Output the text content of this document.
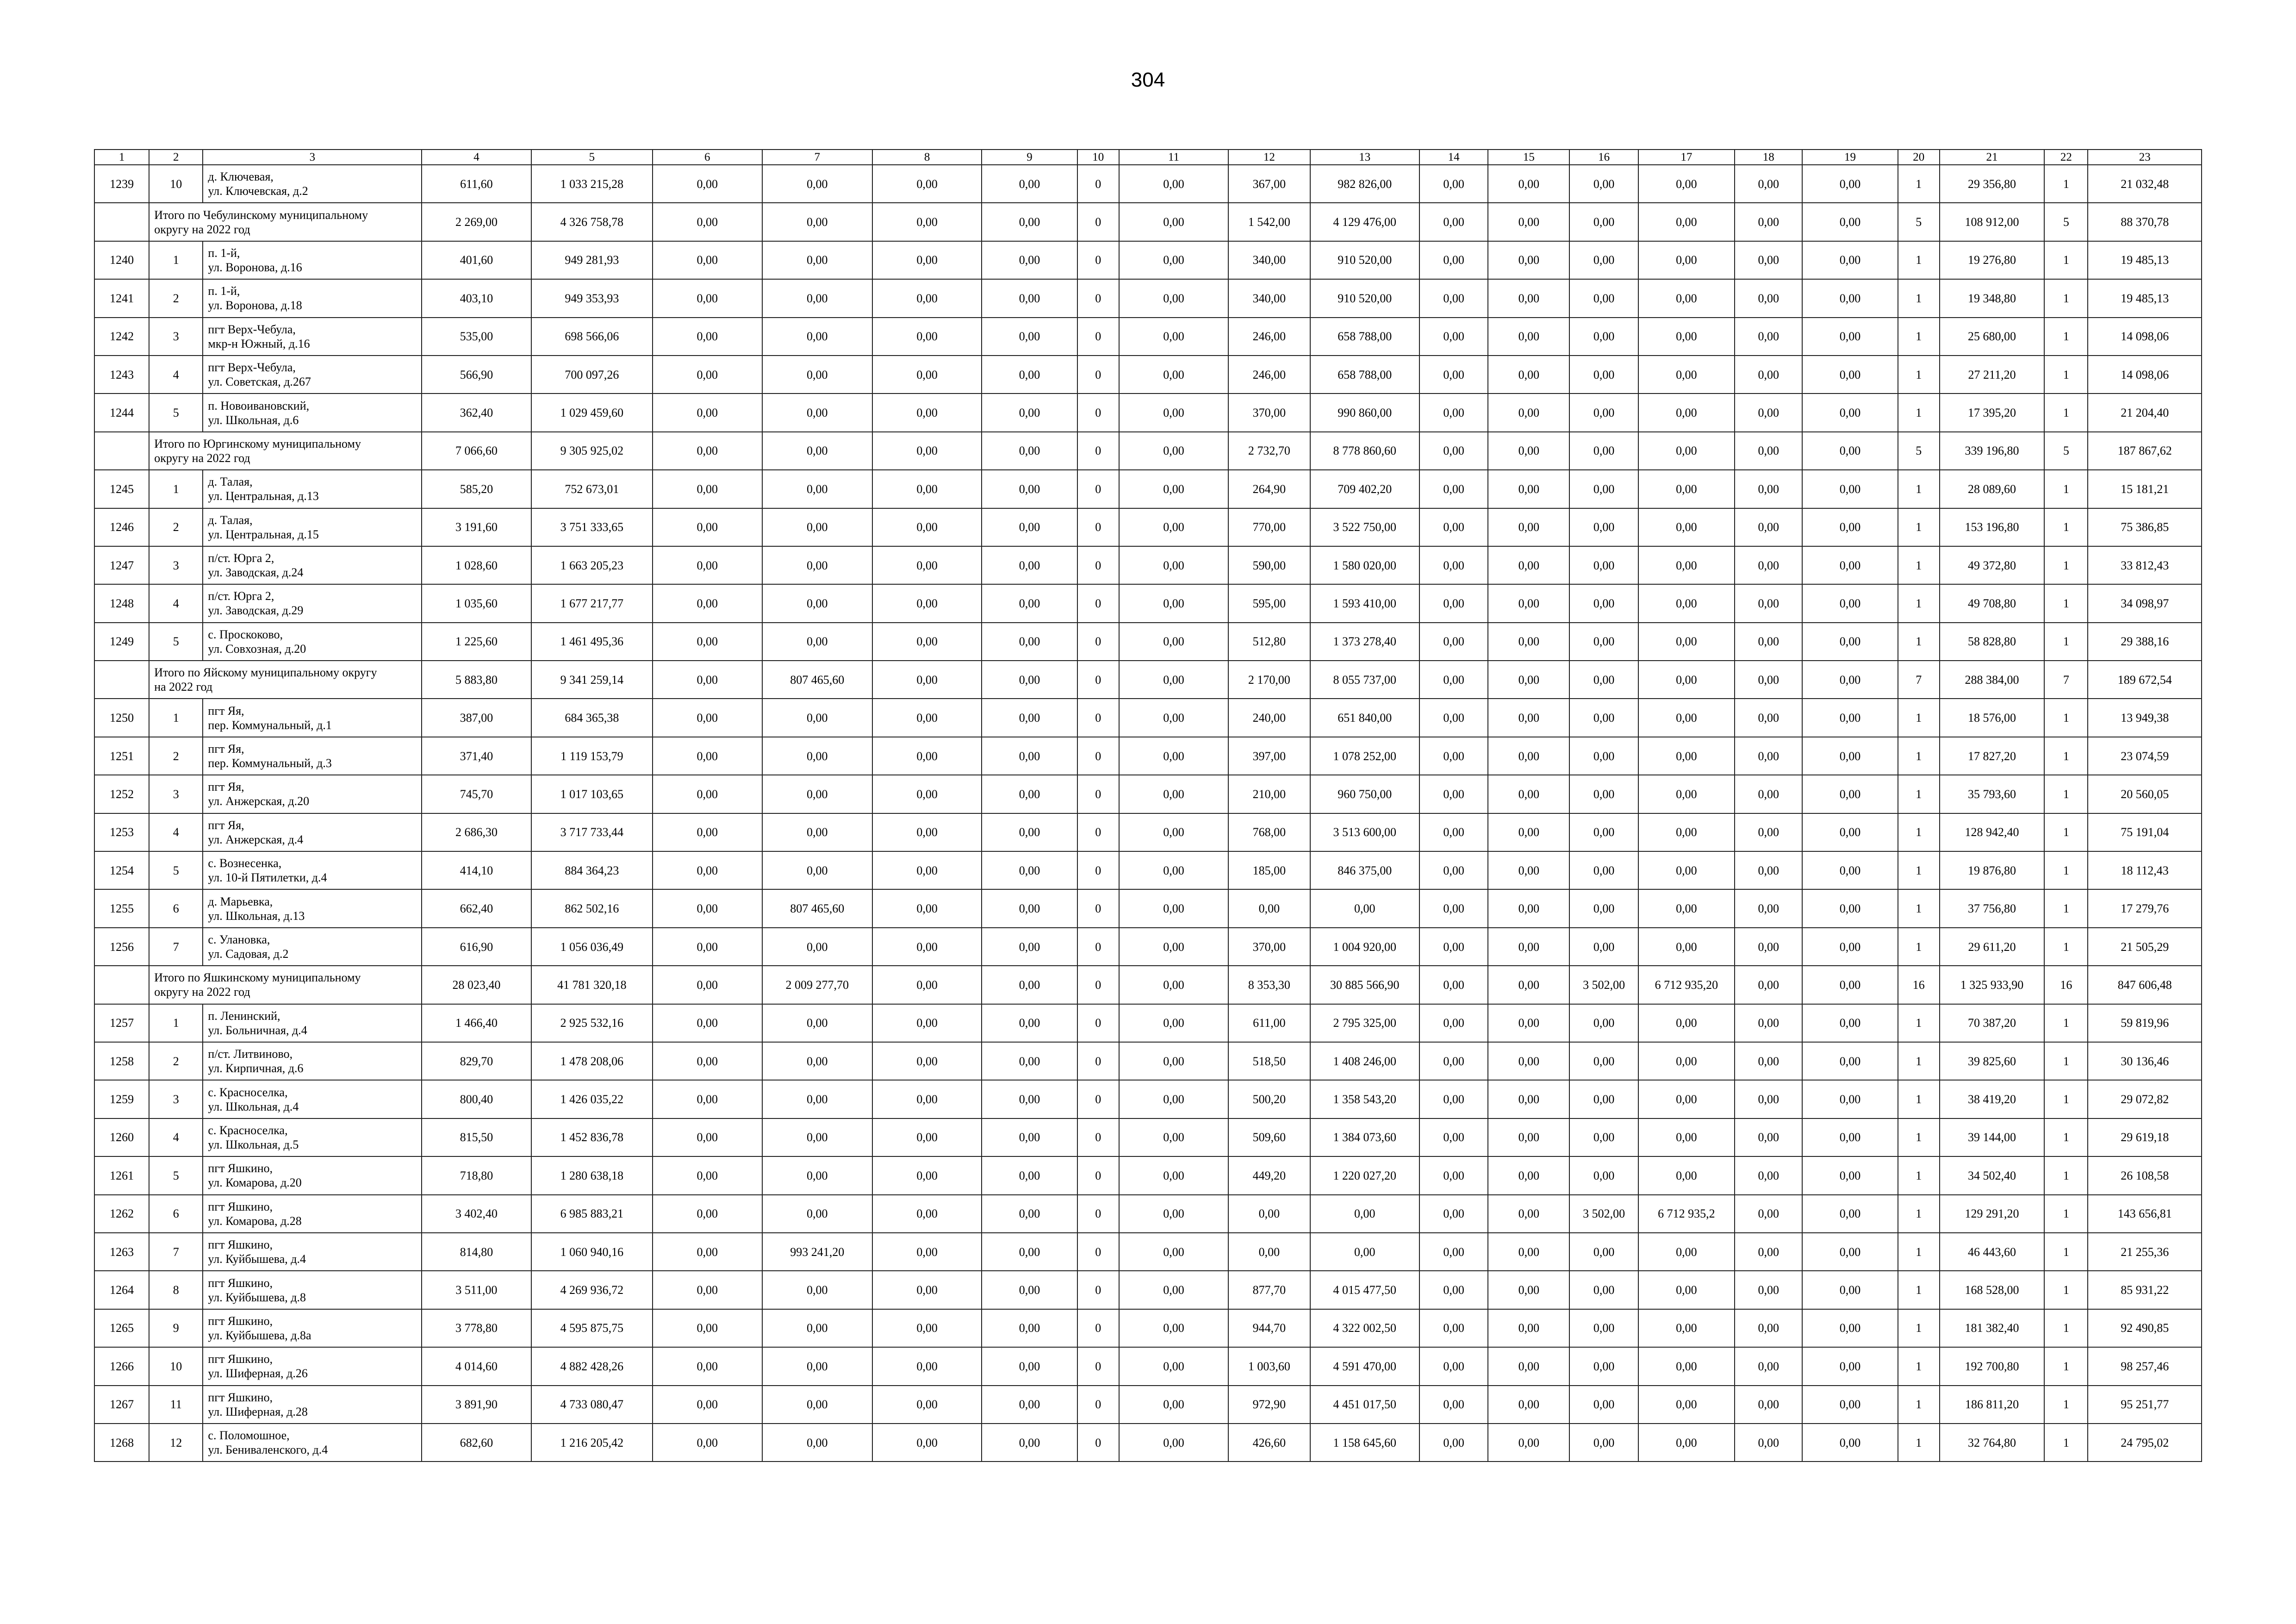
304
1	2	3	4	5	6	7	8	9	10	11	12	13	14	15	16	17	18	19	20	21	22	23
1239	10	д. Ключевая,
ул. Ключевская, д.2	611,60	1 033 215,28	0,00	0,00	0,00	0,00	0	0,00	367,00	982 826,00	0,00	0,00	0,00	0,00	0,00	0,00	1	29 356,80	1	21 032,48

	Итого по Чебулинскому муниципальному
округу на 2022 год		2 269,00	4 326 758,78	0,00	0,00	0,00	0,00	0	0,00	1 542,00	4 129 476,00	0,00	0,00	0,00	0,00	0,00	0,00	5	108 912,00	5	88 370,78
1240	1	п. 1-й,
ул. Воронова, д.16	401,60	949 281,93	0,00	0,00	0,00	0,00	0	0,00	340,00	910 520,00	0,00	0,00	0,00	0,00	0,00	0,00	1	19 276,80	1	19 485,13
1241	2	п. 1-й,
ул. Воронова, д.18	403,10	949 353,93	0,00	0,00	0,00	0,00	0	0,00	340,00	910 520,00	0,00	0,00	0,00	0,00	0,00	0,00	1	19 348,80	1	19 485,13
1242	3	пгт Верх-Чебула,
мкр-н Южный, д.16	535,00	698 566,06	0,00	0,00	0,00	0,00	0	0,00	246,00	658 788,00	0,00	0,00	0,00	0,00	0,00	0,00	1	25 680,00	1	14 098,06
1243	4	пгт Верх-Чебула,
ул. Советская, д.267	566,90	700 097,26	0,00	0,00	0,00	0,00	0	0,00	246,00	658 788,00	0,00	0,00	0,00	0,00	0,00	0,00	1	27 211,20	1	14 098,06
1244	5	п. Новоивановский,
ул. Школьная, д.6	362,40	1 029 459,60	0,00	0,00	0,00	0,00	0	0,00	370,00	990 860,00	0,00	0,00	0,00	0,00	0,00	0,00	1	17 395,20	1	21 204,40

	Итого по Юргинскому муниципальному
округу на 2022 год		7 066,60	9 305 925,02	0,00	0,00	0,00	0,00	0	0,00	2 732,70	8 778 860,60	0,00	0,00	0,00	0,00	0,00	0,00	5	339 196,80	5	187 867,62
1245	1	д. Талая,
ул. Центральная, д.13	585,20	752 673,01	0,00	0,00	0,00	0,00	0	0,00	264,90	709 402,20	0,00	0,00	0,00	0,00	0,00	0,00	1	28 089,60	1	15 181,21
1246	2	д. Талая,
ул. Центральная, д.15	3 191,60	3 751 333,65	0,00	0,00	0,00	0,00	0	0,00	770,00	3 522 750,00	0,00	0,00	0,00	0,00	0,00	0,00	1	153 196,80	1	75 386,85
1247	3	п/ст. Юрга 2,
ул. Заводская, д.24	1 028,60	1 663 205,23	0,00	0,00	0,00	0,00	0	0,00	590,00	1 580 020,00	0,00	0,00	0,00	0,00	0,00	0,00	1	49 372,80	1	33 812,43
1248	4	п/ст. Юрга 2,
ул. Заводская, д.29	1 035,60	1 677 217,77	0,00	0,00	0,00	0,00	0	0,00	595,00	1 593 410,00	0,00	0,00	0,00	0,00	0,00	0,00	1	49 708,80	1	34 098,97
1249	5	с. Проскоково,
ул. Совхозная, д.20	1 225,60	1 461 495,36	0,00	0,00	0,00	0,00	0	0,00	512,80	1 373 278,40	0,00	0,00	0,00	0,00	0,00	0,00	1	58 828,80	1	29 388,16

	Итого по Яйскому муниципальному округу
на 2022 год		5 883,80	9 341 259,14	0,00	807 465,60	0,00	0,00	0	0,00	2 170,00	8 055 737,00	0,00	0,00	0,00	0,00	0,00	0,00	7	288 384,00	7	189 672,54
1250	1	пгт Яя,
пер. Коммунальный, д.1	387,00	684 365,38	0,00	0,00	0,00	0,00	0	0,00	240,00	651 840,00	0,00	0,00	0,00	0,00	0,00	0,00	1	18 576,00	1	13 949,38
1251	2	пгт Яя,
пер. Коммунальный, д.3	371,40	1 119 153,79	0,00	0,00	0,00	0,00	0	0,00	397,00	1 078 252,00	0,00	0,00	0,00	0,00	0,00	0,00	1	17 827,20	1	23 074,59
1252	3	пгт Яя,
ул. Анжерская, д.20	745,70	1 017 103,65	0,00	0,00	0,00	0,00	0	0,00	210,00	960 750,00	0,00	0,00	0,00	0,00	0,00	0,00	1	35 793,60	1	20 560,05
1253	4	пгт Яя,
ул. Анжерская, д.4	2 686,30	3 717 733,44	0,00	0,00	0,00	0,00	0	0,00	768,00	3 513 600,00	0,00	0,00	0,00	0,00	0,00	0,00	1	128 942,40	1	75 191,04
1254	5	с. Вознесенка,
ул. 10-й Пятилетки, д.4	414,10	884 364,23	0,00	0,00	0,00	0,00	0	0,00	185,00	846 375,00	0,00	0,00	0,00	0,00	0,00	0,00	1	19 876,80	1	18 112,43
1255	6	д. Марьевка,
ул. Школьная, д.13	662,40	862 502,16	0,00	807 465,60	0,00	0,00	0	0,00	0,00	0,00	0,00	0,00	0,00	0,00	0,00	0,00	1	37 756,80	1	17 279,76
1256	7	с. Улановка,
ул. Садовая, д.2	616,90	1 056 036,49	0,00	0,00	0,00	0,00	0	0,00	370,00	1 004 920,00	0,00	0,00	0,00	0,00	0,00	0,00	1	29 611,20	1	21 505,29

	Итого по Яшкинскому муниципальному
округу на 2022 год		28 023,40	41 781 320,18	0,00	2 009 277,70	0,00	0,00	0	0,00	8 353,30	30 885 566,90	0,00	0,00	3 502,00	6 712 935,20	0,00	0,00	16	1 325 933,90	16	847 606,48
1257	1	п. Ленинский,
ул. Больничная, д.4	1 466,40	2 925 532,16	0,00	0,00	0,00	0,00	0	0,00	611,00	2 795 325,00	0,00	0,00	0,00	0,00	0,00	0,00	1	70 387,20	1	59 819,96
1258	2	п/ст. Литвиново,
ул. Кирпичная, д.6	829,70	1 478 208,06	0,00	0,00	0,00	0,00	0	0,00	518,50	1 408 246,00	0,00	0,00	0,00	0,00	0,00	0,00	1	39 825,60	1	30 136,46
1259	3	с. Красноселка,
ул. Школьная, д.4	800,40	1 426 035,22	0,00	0,00	0,00	0,00	0	0,00	500,20	1 358 543,20	0,00	0,00	0,00	0,00	0,00	0,00	1	38 419,20	1	29 072,82
1260	4	с. Красноселка,
ул. Школьная, д.5	815,50	1 452 836,78	0,00	0,00	0,00	0,00	0	0,00	509,60	1 384 073,60	0,00	0,00	0,00	0,00	0,00	0,00	1	39 144,00	1	29 619,18
1261	5	пгт Яшкино,
ул. Комарова, д.20	718,80	1 280 638,18	0,00	0,00	0,00	0,00	0	0,00	449,20	1 220 027,20	0,00	0,00	0,00	0,00	0,00	0,00	1	34 502,40	1	26 108,58
1262	6	пгт Яшкино,
ул. Комарова, д.28	3 402,40	6 985 883,21	0,00	0,00	0,00	0,00	0	0,00	0,00	0,00	0,00	0,00	3 502,00	6 712 935,2	0,00	0,00	1	129 291,20	1	143 656,81
1263	7	пгт Яшкино,
ул. Куйбышева, д.4	814,80	1 060 940,16	0,00	993 241,20	0,00	0,00	0	0,00	0,00	0,00	0,00	0,00	0,00	0,00	0,00	0,00	1	46 443,60	1	21 255,36
1264	8	пгт Яшкино,
ул. Куйбышева, д.8	3 511,00	4 269 936,72	0,00	0,00	0,00	0,00	0	0,00	877,70	4 015 477,50	0,00	0,00	0,00	0,00	0,00	0,00	1	168 528,00	1	85 931,22
1265	9	пгт Яшкино,
ул. Куйбышева, д.8а	3 778,80	4 595 875,75	0,00	0,00	0,00	0,00	0	0,00	944,70	4 322 002,50	0,00	0,00	0,00	0,00	0,00	0,00	1	181 382,40	1	92 490,85
1266	10	пгт Яшкино,
ул. Шиферная, д.26	4 014,60	4 882 428,26	0,00	0,00	0,00	0,00	0	0,00	1 003,60	4 591 470,00	0,00	0,00	0,00	0,00	0,00	0,00	1	192 700,80	1	98 257,46
1267	11	пгт Яшкино,
ул. Шиферная, д.28	3 891,90	4 733 080,47	0,00	0,00	0,00	0,00	0	0,00	972,90	4 451 017,50	0,00	0,00	0,00	0,00	0,00	0,00	1	186 811,20	1	95 251,77
1268	12	с. Поломошное,
ул. Бениваленского, д.4	682,60	1 216 205,42	0,00	0,00	0,00	0,00	0	0,00	426,60	1 158 645,60	0,00	0,00	0,00	0,00	0,00	0,00	1	32 764,80	1	24 795,02
